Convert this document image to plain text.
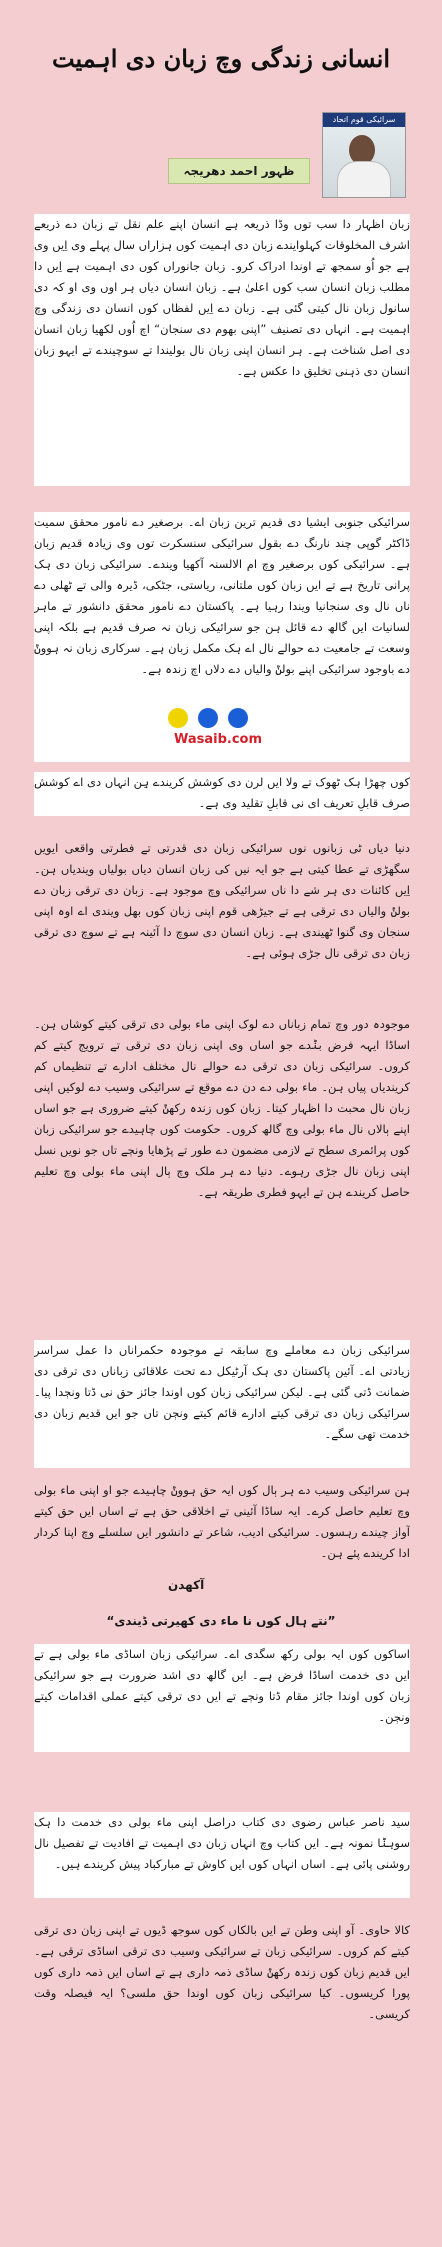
انسانی زندگی وچ زبان دی اہمیت
سرائیکی قوم اتحاد
ظہور احمد دھریجہ
زبان اظہار دا سب توں وڈا ذریعہ ہے انسان اپنے علم نقل تے زبان دے ذریعے اشرف المخلوقات کہلوایندے زبان دی اہمیت کوں ہزاراں سال پہلے وی اِیں وی ہے جو اُو سمجھ تے اوندا ادراک کرو۔ زبان جانوراں کوں دی اہمیت ہے اِیں دا مطلب زبان انسان سب کوں اعلیٰ ہے۔ زبان انسان دیاں ہر اوں وی او کہ دی سانول زبان نال کیتی گئی ہے۔ زبان دے اِیں لفظاں کوں انسان دی زندگی وچ اہمیت ہے۔ انہاں دی تصنیف ”اپنی بھوم دی سنجان“ اچ اُوں لکھیا زبان انسان دی اصل شناخت ہے۔ ہر انسان اپنی زبان نال بولیندا تے سوچیندے تے ایہو زبان انسان دی ذہنی تخلیق دا عکس ہے۔
سرائیکی جنوبی ایشیا دی قدیم ترین زبان اے۔ برصغیر دے نامور محقق سمیت ڈاکٹر گوپی چند نارنگ دے بقول سرائیکی سنسکرت توں وی زیادہ قدیم زبان ہے۔ سرائیکی کوں برصغیر وچ ام الالسنہ آکھیا ویندے۔ سرائیکی زبان دی ہک پرانی تاریخ ہے تے ایں زبان کوں ملتانی، ریاستی، جٹکی، ڈیرہ والی تے ٹھلی دے ناں نال وی سنجانیا ویندا رہیا ہے۔ پاکستان دے نامور محقق دانشور تے ماہر لسانیات ایں گالھ دے قائل ہن جو سرائیکی زبان نہ صرف قدیم ہے بلکہ اپنی وسعت تے جامعیت دے حوالے نال اے ہک مکمل زبان ہے۔ سرکاری زبان نہ ہووݨ دے باوجود سرائیکی اپنے بولݨ والیاں دے دلاں اچ زندہ ہے۔
Wasaib.com
کوں چھڑا ہک ٹھوک تے ولا ایں لرن دی کوشش کریندے ہِن انہاں دی اے کوشش صرف قابلِ تعریف ای نی قابلِ تقلید وی ہے۔
دنیا دیاں ٹی زبانوں نوں سرائیکی زبان دی قدرتی تے فطرتی واقعی ایویں سگھڑی تے عطا کیتی ہے جو ایہ نیں کی زبان انسان دیاں بولیاں ویندیاں ہن۔ اِیں کائنات دی ہر شے دا ناں سرائیکی وچ موجود ہے۔ زبان دی ترقی زبان دے بولݨ والیاں دی ترقی ہے تے جیڑھی قوم اپنی زبان کوں بھل ویندی اے اوہ اپنی سنجان وی گنوا ٹھیندی ہے۔ زبان انسان دی سوچ دا آئینہ ہے تے سوچ دی ترقی زبان دی ترقی نال جڑی ہوئی ہے۔
موجودہ دور وچ تمام زباناں دے لوک اپنی ماء بولی دی ترقی کیتے کوشاں ہن۔ اساڈا ایہہ فرض بݨدے جو اساں وی اپنی زبان دی ترقی تے ترویج کیتے کم کروں۔ سرائیکی زبان دی ترقی دے حوالے نال مختلف ادارے تے تنظیماں کم کریندیاں پیاں ہن۔ ماء بولی دے دن دے موقع تے سرائیکی وسیب دے لوکیں اپنی زبان نال محبت دا اظہار کیتا۔ زبان کوں زندہ رکھݨ کیتے ضروری ہے جو اساں اپنے ٻالاں نال ماء بولی وچ گالھ کروں۔ حکومت کوں چاہیدے جو سرائیکی زبان کوں پرائمری سطح تے لازمی مضمون دے طور تے پڑھایا ونڄے تاں جو نویں نسل اپنی زبان نال جڑی رہوے۔ دنیا دے ہر ملک وچ ٻال اپنی ماء بولی وچ تعلیم حاصل کریندے ہن تے ایہو فطری طریقہ ہے۔
سرائیکی زبان دے معاملے وچ سابقہ تے موجودہ حکمراناں دا عمل سراسر زیادتی اے۔ آئین پاکستان دی ہک آرٹیکل دے تحت علاقائی زباناں دی ترقی دی ضمانت ڈتی گئی ہے۔ لیکن سرائیکی زبان کوں اوندا جائز حق نی ڈتا ونڄدا پیا۔ سرائیکی زبان دی ترقی کیتے ادارے قائم کیتے ونڄن تاں جو ایں قدیم زبان دی خدمت تھی سگے۔
ہن سرائیکی وسیب دے ہر ٻال کوں ایہ حق ہووݨ چاہیدے جو او اپنی ماء بولی وچ تعلیم حاصل کرے۔ ایہ ساڈا آئینی تے اخلاقی حق ہے تے اساں ایں حق کیتے آواز چیندے رہسوں۔ سرائیکی ادیب، شاعر تے دانشور ایں سلسلے وچ اپنا کردار ادا کریندے پئے ہن۔
آکھدن
”نتے ہال کوں نا ماء دی کھیرتی ڈیندی“
اساکوں کوں ایہ بولی رکھ سگدی اے۔ سرائیکی زبان اساڈی ماء بولی ہے تے ایں دی خدمت اساڈا فرض ہے۔ ایں گالھ دی اشد ضرورت ہے جو سرائیکی زبان کوں اوندا جائز مقام ڈتا ونڄے تے ایں دی ترقی کیتے عملی اقدامات کیتے ونڄن۔
سید ناصر عباس رضوی دی کتاب دراصل اپنی ماء بولی دی خدمت دا ہک سوہݨا نمونہ ہے۔ ایں کتاب وچ انہاں زبان دی اہمیت تے افادیت تے تفصیل نال روشنی پائی ہے۔ اساں انہاں کوں ایں کاوش تے مبارکباد پیش کریندے ہیں۔
کالا حاوی۔ آو اپنی وطن تے ایں بالکاں کوں سوجھ ڈیوں تے اپنی زبان دی ترقی کیتے کم کروں۔ سرائیکی زبان تے سرائیکی وسیب دی ترقی اساڈی ترقی ہے۔ ایں قدیم زبان کوں زندہ رکھݨ ساڈی ذمہ داری ہے تے اساں ایں ذمہ داری کوں پورا کریسوں۔ کیا سرائیکی زبان کوں اوندا حق ملسی؟ ایہ فیصلہ وقت کریسی۔
